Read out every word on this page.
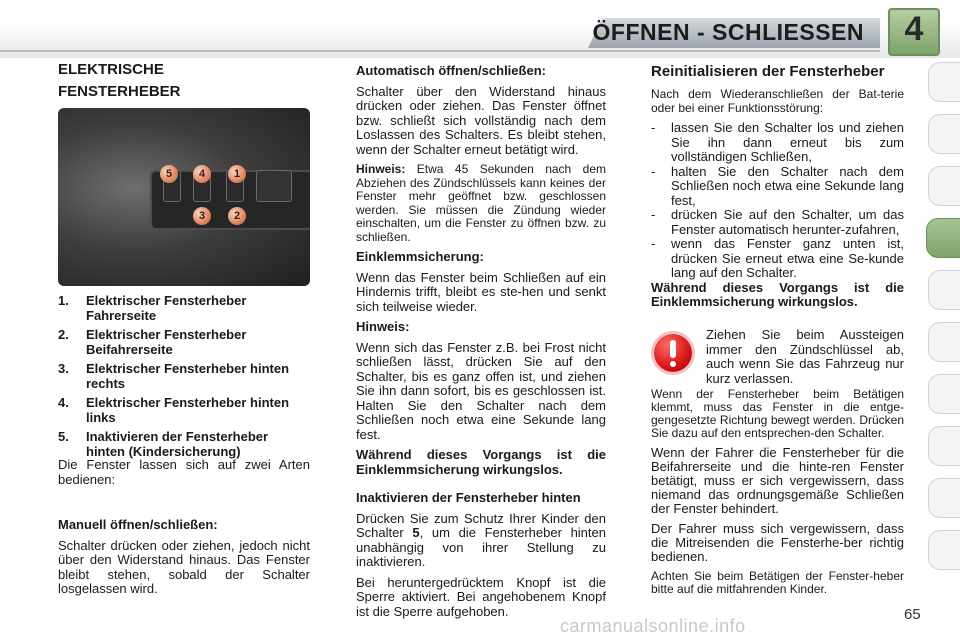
ÖFFNEN - SCHLIESSEN	4

ELEKTRISCHE

FENSTERHEBER

5	4	1
3	2
1.	Elektrischer Fensterheber Fahrerseite
2.	Elektrischer Fensterheber Beifahrerseite
3.	Elektrischer Fensterheber hinten rechts
4.	Elektrischer Fensterheber hinten links
5.	Inaktivieren der Fensterheber hinten (Kindersicherung)

Die Fenster lassen sich auf zwei Arten bedienen:

Manuell öffnen/schließen:

Schalter drücken oder ziehen, jedoch nicht über den Widerstand hinaus. Das Fenster bleibt stehen, sobald der Schalter losgelassen wird.

Automatisch öffnen/schließen:

Schalter über den Widerstand hinaus drücken oder ziehen. Das Fenster öffnet bzw. schließt sich vollständig nach dem Loslassen des Schalters. Es bleibt stehen, wenn der Schalter erneut betätigt wird.

Hinweis: Etwa 45 Sekunden nach dem Abziehen des Zündschlüssels kann keines der Fenster mehr geöffnet bzw. geschlossen werden. Sie müssen die Zündung wieder einschalten, um die Fenster zu öffnen bzw. zu schließen.

Einklemmsicherung:

Wenn das Fenster beim Schließen auf ein Hindernis trifft, bleibt es ste-hen und senkt sich teilweise wieder.

Hinweis:

Wenn sich das Fenster z.B. bei Frost nicht schließen lässt, drücken Sie auf den Schalter, bis es ganz offen ist, und ziehen Sie ihn dann sofort, bis es geschlossen ist. Halten Sie den Schalter nach dem Schließen noch etwa eine Sekunde lang fest.

Während dieses Vorgangs ist die Einklemmsicherung wirkungslos.

Inaktivieren der Fensterheber hinten

Drücken Sie zum Schutz Ihrer Kinder den Schalter 5, um die Fensterheber hinten unabhängig von ihrer Stellung zu inaktivieren.

Bei heruntergedrücktem Knopf ist die Sperre aktiviert. Bei angehobenem Knopf ist die Sperre aufgehoben.

Reinitialisieren der Fensterheber

Nach dem Wiederanschließen der Bat-terie oder bei einer Funktionsstörung:

-	lassen Sie den Schalter los und ziehen Sie ihn dann erneut bis zum vollständigen Schließen,
-	halten Sie den Schalter nach dem Schließen noch etwa eine Sekunde lang fest,
-	drücken Sie auf den Schalter, um das Fenster automatisch herunter-zufahren,
-	wenn das Fenster ganz unten ist, drücken Sie erneut etwa eine Se-kunde lang auf den Schalter.

Während dieses Vorgangs ist die Einklemmsicherung wirkungslos.

Ziehen Sie beim Aussteigen immer den Zündschlüssel ab, auch wenn Sie das Fahrzeug nur kurz verlassen.

Wenn der Fensterheber beim Betätigen klemmt, muss das Fenster in die entge-gengesetzte Richtung bewegt werden. Drücken Sie dazu auf den entsprechen-den Schalter.

Wenn der Fahrer die Fensterheber für die Beifahrerseite und die hinte-ren Fenster betätigt, muss er sich vergewissern, dass niemand das ordnungsgemäße Schließen der Fenster behindert.

Der Fahrer muss sich vergewissern, dass die Mitreisenden die Fensterhe-ber richtig bedienen.

Achten Sie beim Betätigen der Fenster-heber bitte auf die mitfahrenden Kinder.

65
carmanualsonline.info
